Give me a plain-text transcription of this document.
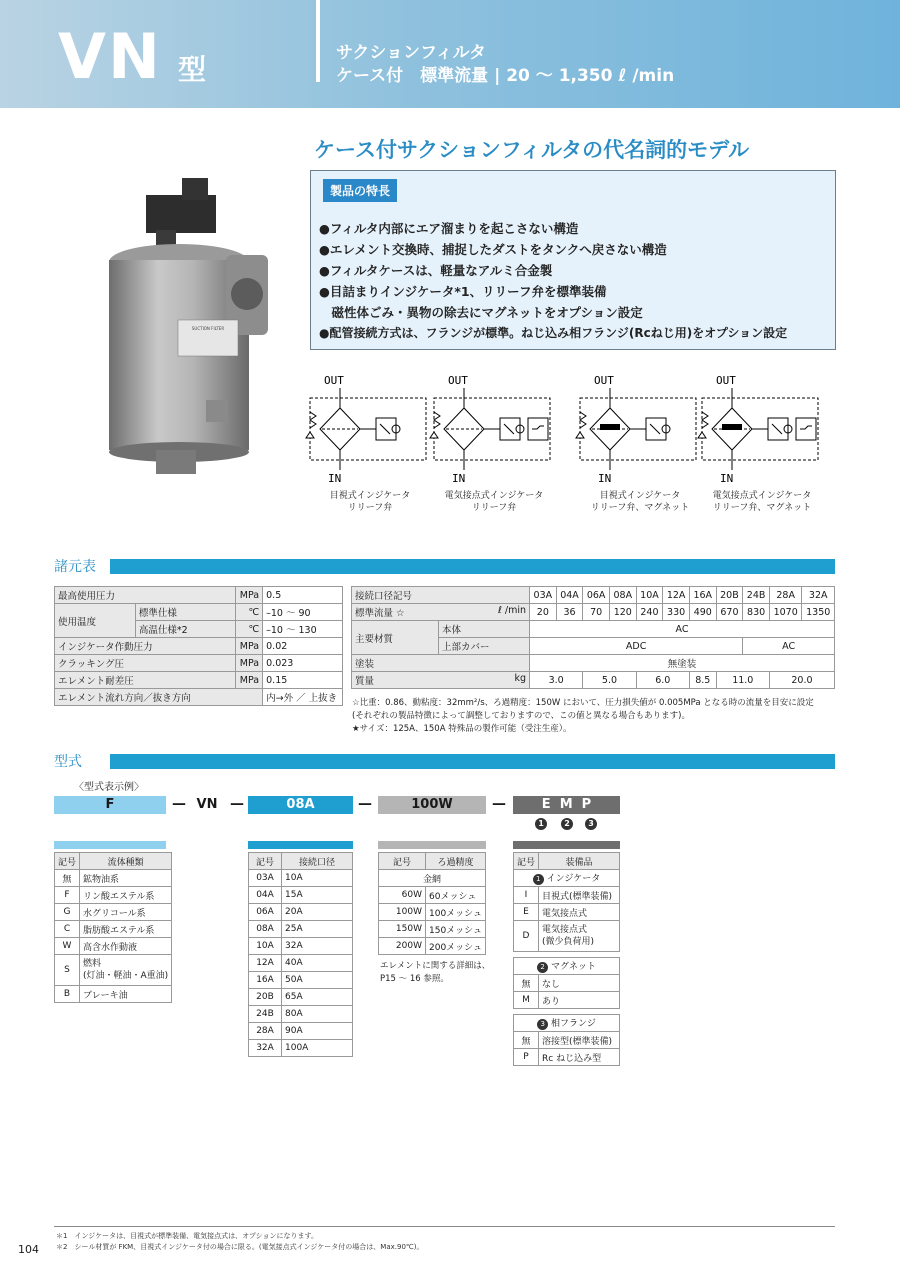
VN 型	サクションフィルタ
ケース付　標準流量 | 20 ～ 1,350 ℓ /min
ケース付サクションフィルタの代名詞的モデル
SUCTION FILTER
製品の特長
●フィルタ内部にエア溜まりを起こさない構造
●エレメント交換時、捕捉したダストをタンクへ戻さない構造
●フィルタケースは、軽量なアルミ合金製
●目詰まりインジケータ*1、リリーフ弁を標準装備
　磁性体ごみ・異物の除去にマグネットをオプション設定
●配管接続方式は、フランジが標準。ねじ込み相フランジ(Rcねじ用)をオプション設定
OUT
IN
目視式インジケータ
リリーフ弁
OUT
IN
電気接点式インジケータ
リリーフ弁
OUT
IN
目視式インジケータ
リリーフ弁、マグネット
OUT
IN
電気接点式インジケータ
リリーフ弁、マグネット
諸元表
最高使用圧力		MPa	0.5
使用温度	標準仕様	℃	–10 ～ 90
	高温仕様*2	℃	–10 ～ 130
インジケータ作動圧力		MPa	0.02
クラッキング圧		MPa	0.023
エレメント耐差圧		MPa	0.15
エレメント流れ方向／抜き方向			内→外 ／ 上抜き
接続口径記号		03A	04A	06A	08A	10A	12A	16A	20B	24B	28A	32A
標準流量 ☆ ℓ /min		20	36	70	120	240	330	490	670	830	1070	1350
主要材質	本体	AC										
	上部カバー	ADC								AC		
塗装		無塗装										
質量 kg		3.0		5.0		6.0		8.5	11.0		20.0	
☆比重：0.86、動粘度：32mm²/s、ろ過精度：150W において、圧力損失値が 0.005MPa となる時の流量を目安に設定
(それぞれの製品特徴によって調整しておりますので、この値と異なる場合もあります)。
★サイズ：125A、150A 特殊品の製作可能（受注生産）。
型式
〈型式表示例〉
F	— VN —	08A	—	100W	—	E  M  P
1	2	3
記号	流体種類
無	鉱物油系
F	リン酸エステル系
G	水グリコール系
C	脂肪酸エステル系
W	高含水作動液
S	燃料
(灯油・軽油・A重油)
B	ブレーキ油
記号	接続口径
03A	10A
04A	15A
06A	20A
08A	25A
10A	32A
12A	40A
16A	50A
20B	65A
24B	80A
28A	90A
32A	100A
記号	ろ過精度
金網	
60W	60メッシュ
100W	100メッシュ
150W	150メッシュ
200W	200メッシュ
エレメントに関する詳細は、
P15 ～ 16 参照。
記号	装備品
1 インジケータ	
I	目視式(標準装備)
E	電気接点式
D	電気接点式
(微少負荷用)
2 マグネット	
無	なし
M	あり
3 相フランジ	
無	溶接型(標準装備)
P	Rc ねじ込み型
＊1　インジケータは、目視式が標準装備、電気接点式は、オプションになります。
＊2　シール材質が FKM、目視式インジケータ付の場合に限る。(電気接点式インジケータ付の場合は、Max.90℃)。
104
